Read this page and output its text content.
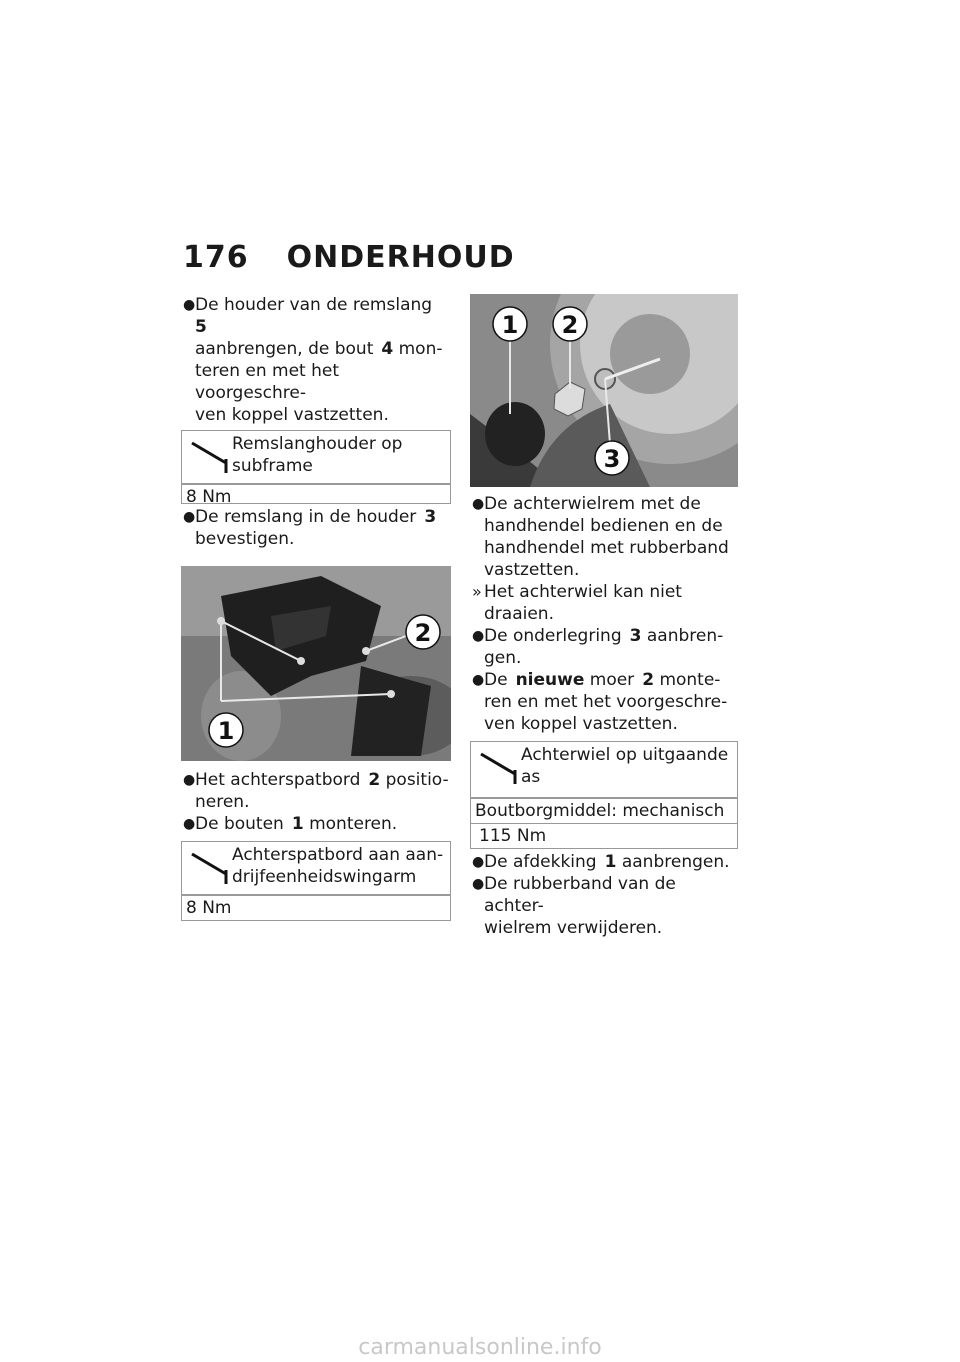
176 ONDERHOUD
● De houder van de remslang5
aanbrengen, de bout 4 mon-
teren en met het voorgeschre-
ven koppel vastzetten.
Remslanghouder op
subframe
8 Nm
● De remslang in de houder 3
bevestigen.
2
1
● Het achterspatbord 2 positio-
neren.
● De bouten 1 monteren.
Achterspatbord aan aan-
drijfeenheidswingarm
8 Nm
1 2
3
● De achterwielrem met de
handhendel bedienen en de
handhendel met rubberband
vastzetten.
» Het achterwiel kan niet
draaien.
● De onderlegring 3 aanbren-
gen.
● De nieuwe moer 2 monte-
ren en met het voorgeschre-
ven koppel vastzetten.
Achterwiel op uitgaande
as
Boutborgmiddel: mechanisch
115 Nm
● De afdekking 1 aanbrengen.
● De rubberband van de achter-
wielrem verwijderen.
carmanualsonline.info
